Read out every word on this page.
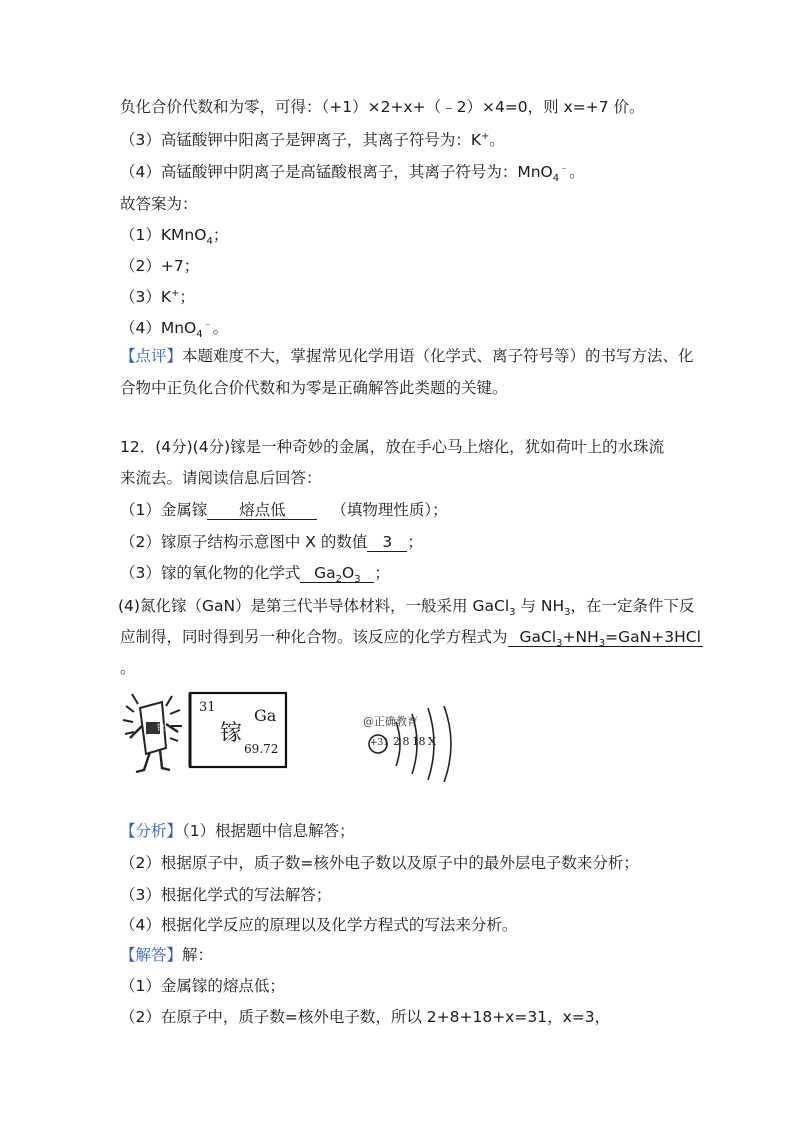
负化合价代数和为零，可得：（+1）×2+x+（﹣2）×4=0，则 x=+7 价。
（3）高锰酸钾中阳离子是钾离子，其离子符号为：K+。
（4）高锰酸钾中阴离子是高锰酸根离子，其离子符号为：MnO$_4$﹣。
故答案为：
（1）KMnO$_4$；
（2）+7；
（3）K+；
（4）MnO$_4$﹣。
【点评】本题难度不大，掌握常见化学用语（化学式、离子符号等）的书写方法、化
合物中正负化合价代数和为零是正确解答此类题的关键。
12．(4分)(4分)镓是一种奇妙的金属，放在手心马上熔化，犹如荷叶上的水珠流
来流去。请阅读信息后回答：
（1）金属镓 熔点低	（填物理性质）；
（2）镓原子结构示意图中 X 的数值 3 ；
（3）镓的氧化物的化学式 $Ga_2O_3$ ；
(4)氮化镓（GaN）是第三代半导体材料，一般采用 GaCl$_3$ 与 $NH_3$，在一定条件下反
应制得，同时得到另一种化合物。该反应的化学方程式为 $GaCl_3+NH_3=GaN+3HCl$
。
镓
31 Ga
镓
69.72
@正确教育
+31 2 8 18 X
【分析】（1）根据题中信息解答；
（2）根据原子中，质子数=核外电子数以及原子中的最外层电子数来分析；
（3）根据化学式的写法解答；
（4）根据化学反应的原理以及化学方程式的写法来分析。
【解答】解：
（1）金属镓的熔点低；
（2）在原子中，质子数=核外电子数，所以 2+8+18+x=31，x=3，
